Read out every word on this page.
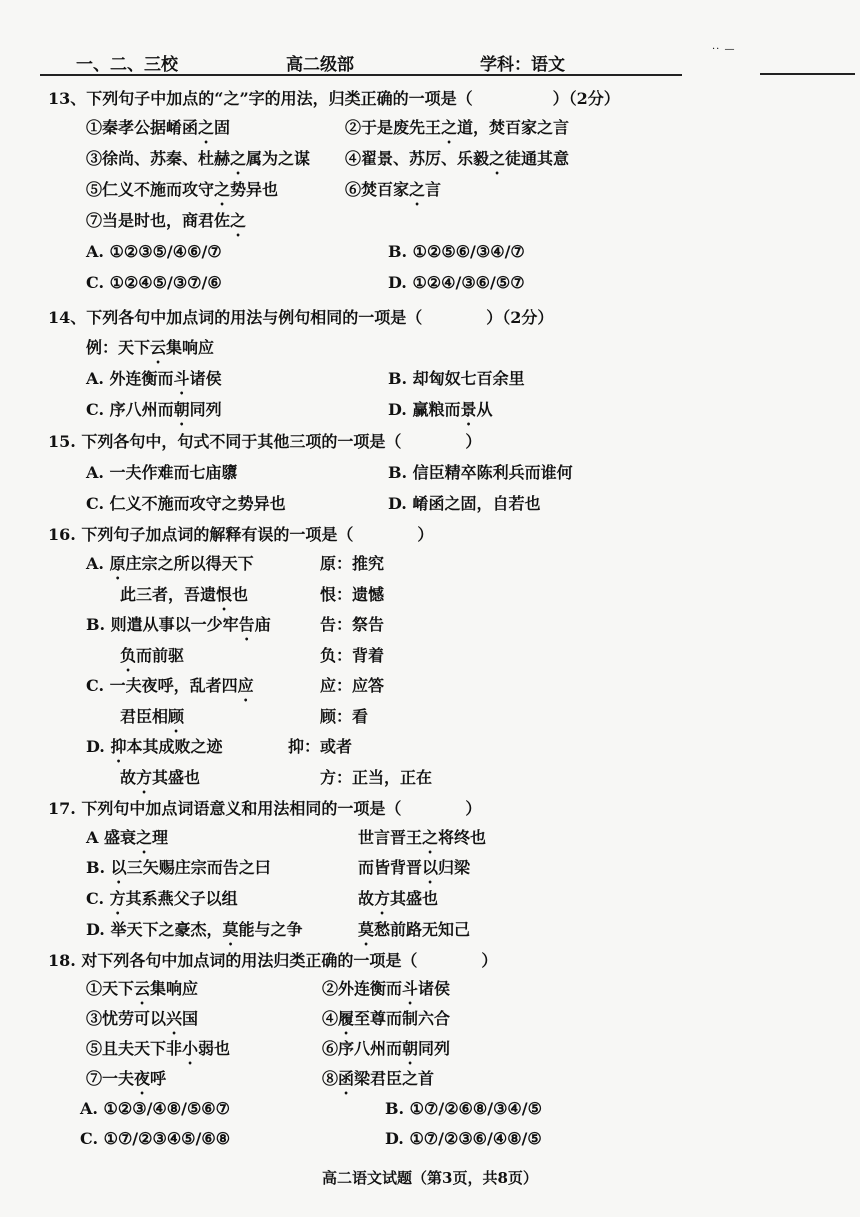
一、二、三校	高二级部	学科：语文
·· —
13、下列句子中加点的“之”字的用法，归类正确的一项是（　　　　　）（2分）
①秦孝公据崤函之固	②于是废先王之道，焚百家之言
③徐尚、苏秦、杜赫之属为之谋 ④翟景、苏厉、乐毅之徒通其意
⑤仁义不施而攻守之势异也	⑥焚百家之言
⑦当是时也，商君佐之
A. ①②③⑤/④⑥/⑦	B. ①②⑤⑥/③④/⑦
C. ①②④⑤/③⑦/⑥	D. ①②④/③⑥/⑤⑦
14、下列各句中加点词的用法与例句相同的一项是（　　　　）（2分）
例：天下云集响应
A. 外连衡而斗诸侯	B. 却匈奴七百余里
C. 序八州而朝同列	D. 赢粮而景从
15. 下列各句中，句式不同于其他三项的一项是（　　　　）
A. 一夫作难而七庙隳	B. 信臣精卒陈利兵而谁何
C. 仁义不施而攻守之势异也	D. 崤函之固，自若也
16. 下列句子加点词的解释有误的一项是（　　　　）
A. 原庄宗之所以得天下	原：推究
此三者，吾遗恨也	恨：遗憾
B. 则遣从事以一少牢告庙	告：祭告
负而前驱	负：背着
C. 一夫夜呼，乱者四应	应：应答
君臣相顾	顾：看
D. 抑本其成败之迹	抑：或者
故方其盛也	方：正当，正在
17. 下列句中加点词语意义和用法相同的一项是（　　　　）
A 盛衰之理	世言晋王之将终也
B. 以三矢赐庄宗而告之曰	而皆背晋以归梁
C. 方其系燕父子以组	故方其盛也
D. 举天下之豪杰，莫能与之争	莫愁前路无知己
18. 对下列各句中加点词的用法归类正确的一项是（　　　　）
①天下云集响应	②外连衡而斗诸侯
③忧劳可以兴国	④履至尊而制六合
⑤且夫天下非小弱也	⑥序八州而朝同列
⑦一夫夜呼	⑧函梁君臣之首
A. ①②③/④⑧/⑤⑥⑦	B. ①⑦/②⑥⑧/③④/⑤
C. ①⑦/②③④⑤/⑥⑧	D. ①⑦/②③⑥/④⑧/⑤
高二语文试题（第3页，共8页）
